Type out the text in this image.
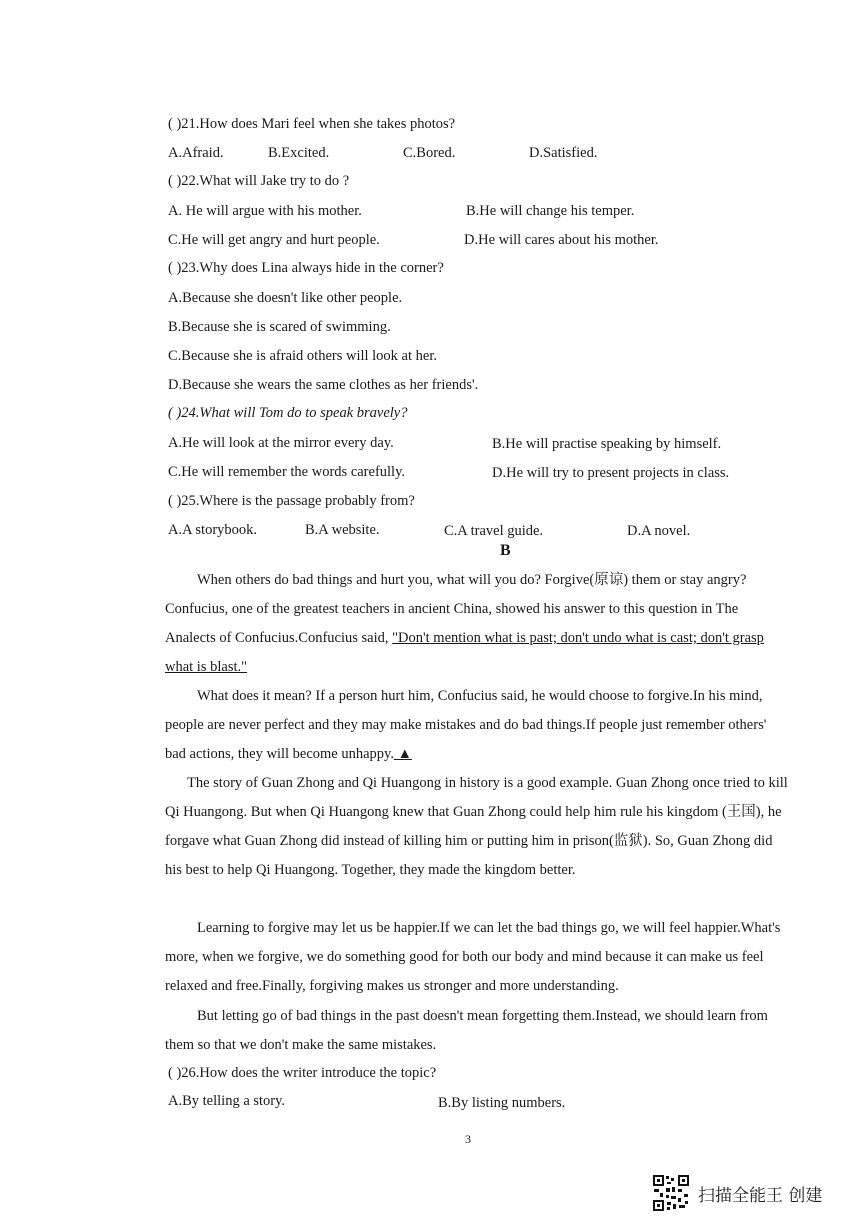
( )21.How does Mari feel when she takes photos?
A.Afraid.	B.Excited.	C.Bored.	D.Satisfied.
( )22.What will Jake try to do ?
A. He will argue with his mother.	B.He will change his temper.
C.He will get angry and hurt people.	D.He will cares about his mother.
( )23.Why does Lina always hide in the corner?
A.Because she doesn't like other people.
B.Because she is scared of swimming.
C.Because she is afraid others will look at her.
D.Because she wears the same clothes as her friends'.
( )24.What will Tom do to speak bravely?
A.He will look at the mirror every day.	B.He will practise speaking by himself.
C.He will remember the words carefully.	D.He will try to present projects in class.
( )25.Where is the passage probably from?
A.A storybook.	B.A website.	C.A travel guide.	D.A novel.
B
When others do bad things and hurt you, what will you do? Forgive(原谅) them or stay angry? Confucius, one of the greatest teachers in ancient China, showed his answer to this question in The Analects of Confucius.Confucius said, "Don't mention what is past; don't undo what is cast; don't grasp what is blast."
What does it mean? If a person hurt him, Confucius said, he would choose to forgive.In his mind, people are never perfect and they may make mistakes and do bad things.If people just remember others' bad actions, they will become unhappy. ▲
The story of Guan Zhong and Qi Huangong in history is a good example. Guan Zhong once tried to kill Qi Huangong. But when Qi Huangong knew that Guan Zhong could help him rule his kingdom (王国), he forgave what Guan Zhong did instead of killing him or putting him in prison(监狱). So, Guan Zhong did his best to help Qi Huangong. Together, they made the kingdom better.
Learning to forgive may let us be happier.If we can let the bad things go, we will feel happier.What's more, when we forgive, we do something good for both our body and mind because it can make us feel relaxed and free.Finally, forgiving makes us stronger and more understanding.
But letting go of bad things in the past doesn't mean forgetting them.Instead, we should learn from them so that we don't make the same mistakes.
( )26.How does the writer introduce the topic?
A.By telling a story.	B.By listing numbers.
3
扫描全能王 创建
